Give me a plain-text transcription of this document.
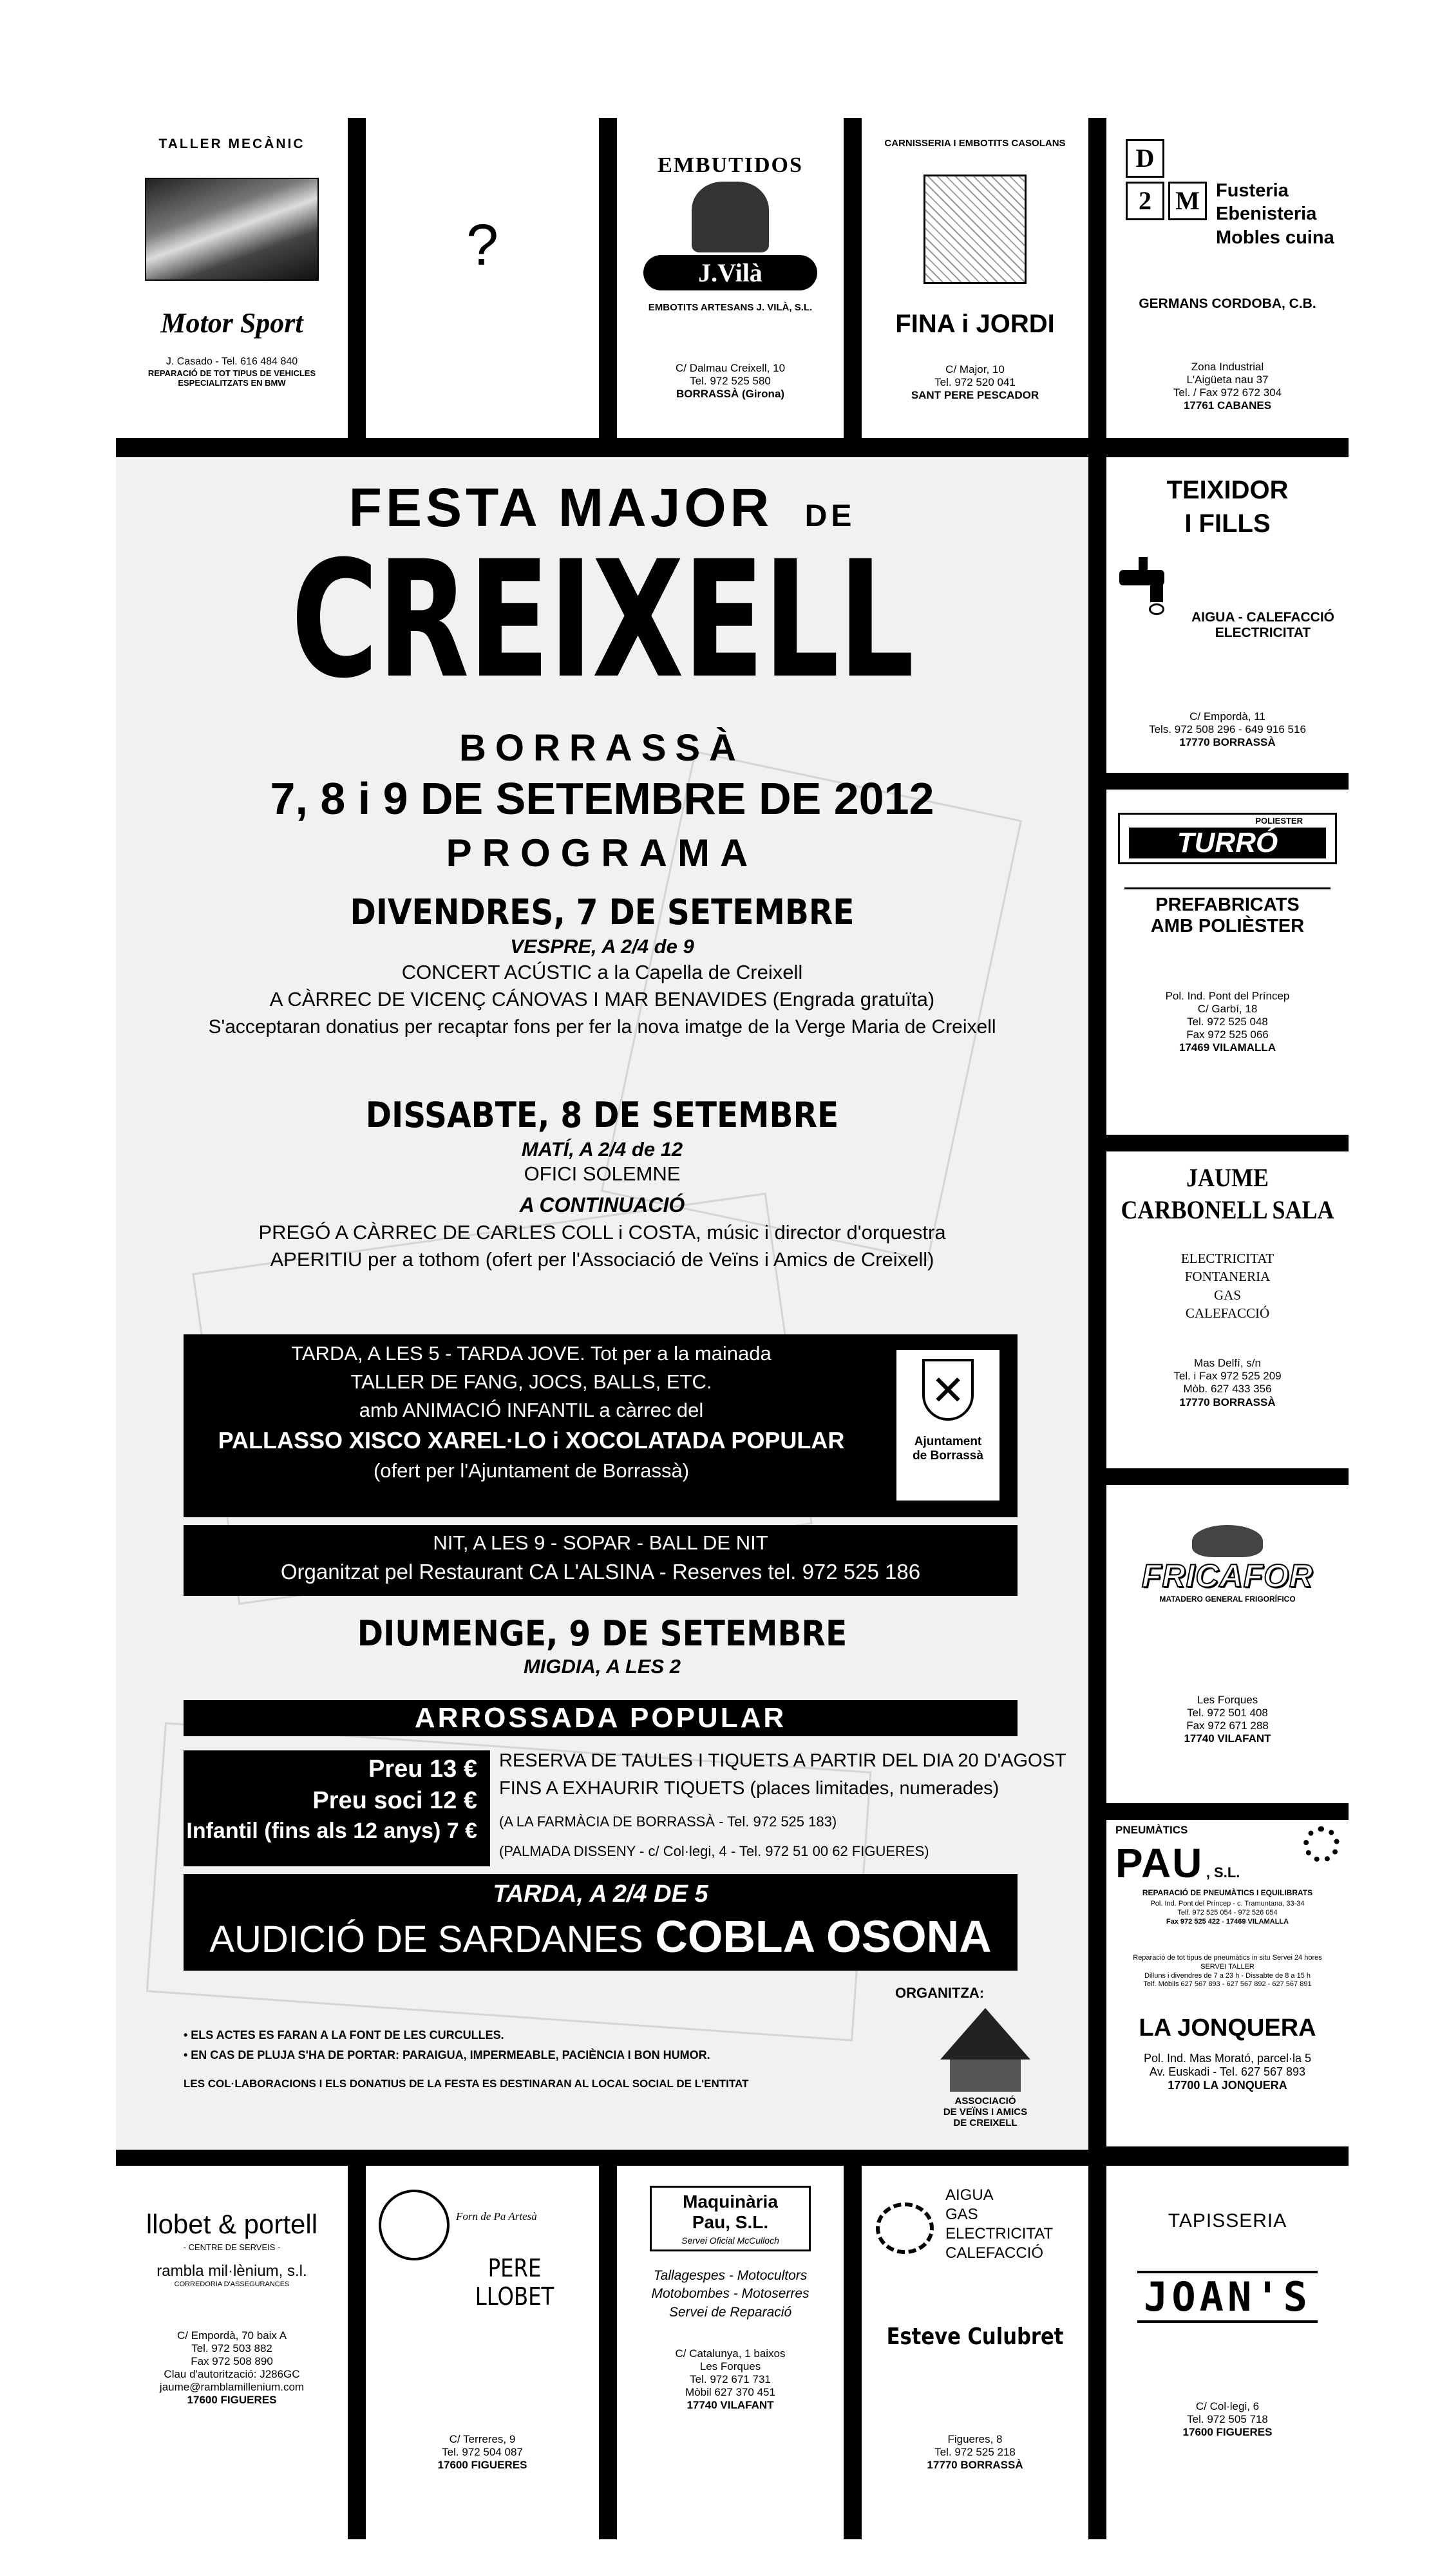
TALLER MECÀNIC
Motor Sport
J. Casado - Tel. 616 484 840
REPARACIÓ DE TOT TIPUS DE VEHICLES
ESPECIALITZATS EN BMW
?
EMBUTIDOS
J.Vilà
EMBOTITS ARTESANS J. VILÀ, S.L.
C/ Dalmau Creixell, 10
Tel. 972 525 580
BORRASSÀ (Girona)
CARNISSERIA I EMBOTITS CASOLANS
FINA i JORDI
C/ Major, 10
Tel. 972 520 041
SANT PERE PESCADOR
D
2 M Fusteria
Ebenisteria
Mobles cuina
GERMANS CORDOBA, C.B.
Zona Industrial
L'Aigüeta nau 37
Tel. / Fax 972 672 304
17761 CABANES
FESTA MAJOR DE
CREIXELL
BORRASSÀ
7, 8 i 9 DE SETEMBRE DE 2012
PROGRAMA
DIVENDRES, 7 DE SETEMBRE
VESPRE, A 2/4 de 9
CONCERT ACÚSTIC a la Capella de Creixell
A CÀRREC DE VICENÇ CÁNOVAS I MAR BENAVIDES (Engrada gratuïta)
S'acceptaran donatius per recaptar fons per fer la nova imatge de la Verge Maria de Creixell
DISSABTE, 8 DE SETEMBRE
MATÍ, A 2/4 de 12
OFICI SOLEMNE
A CONTINUACIÓ
PREGÓ A CÀRREC DE CARLES COLL i COSTA, músic i director d'orquestra
APERITIU per a tothom (ofert per l'Associació de Veïns i Amics de Creixell)
TARDA, A LES 5 - TARDA JOVE. Tot per a la mainada
TALLER DE FANG, JOCS, BALLS, ETC.
amb ANIMACIÓ INFANTIL a càrrec del
PALLASSO XISCO XAREL·LO i XOCOLATADA POPULAR
(ofert per l'Ajuntament de Borrassà)
✕
Ajuntament
de Borrassà
NIT, A LES 9 - SOPAR - BALL DE NIT
Organitzat pel Restaurant CA L'ALSINA - Reserves tel. 972 525 186
DIUMENGE, 9 DE SETEMBRE
MIGDIA, A LES 2
ARROSSADA POPULAR
Preu 13 €
Preu soci 12 €
Infantil (fins als 12 anys) 7 €
RESERVA DE TAULES I TIQUETS A PARTIR DEL DIA 20 D'AGOST
FINS A EXHAURIR TIQUETS (places limitades, numerades)
(A LA FARMÀCIA DE BORRASSÀ - Tel. 972 525 183)
(PALMADA DISSENY - c/ Col·legi, 4 - Tel. 972 51 00 62 FIGUERES)
TARDA, A 2/4 DE 5
AUDICIÓ DE SARDANES COBLA OSONA
• ELS ACTES ES FARAN A LA FONT DE LES CURCULLES.
• EN CAS DE PLUJA S'HA DE PORTAR: PARAIGUA, IMPERMEABLE, PACIÈNCIA I BON HUMOR.
LES COL·LABORACIONS I ELS DONATIUS DE LA FESTA ES DESTINARAN AL LOCAL SOCIAL DE L'ENTITAT
ORGANITZA:
ASSOCIACIÓ
DE VEÏNS I AMICS
DE CREIXELL
TEIXIDOR
I FILLS
AIGUA - CALEFACCIÓ
ELECTRICITAT
C/ Empordà, 11
Tels. 972 508 296 - 649 916 516
17770 BORRASSÀ
POLIESTER
TURRÓ
PREFABRICATS
AMB POLIÈSTER
Pol. Ind. Pont del Príncep
C/ Garbí, 18
Tel. 972 525 048
Fax 972 525 066
17469 VILAMALLA
JAUME
CARBONELL SALA
ELECTRICITAT
FONTANERIA
GAS
CALEFACCIÓ
Mas Delfí, s/n
Tel. i Fax 972 525 209
Mòb. 627 433 356
17770 BORRASSÀ
FRICAFOR
MATADERO GENERAL FRIGORÍFICO
Les Forques
Tel. 972 501 408
Fax 972 671 288
17740 VILAFANT
PNEUMÀTICS
PAU , S.L.
REPARACIÓ DE PNEUMÀTICS I EQUILIBRATS
Pol. Ind. Pont del Príncep - c. Tramuntana, 33-34
Telf. 972 525 054 - 972 526 054
Fax 972 525 422 - 17469 VILAMALLA
Reparació de tot tipus de pneumàtics in situ Servei 24 hores
SERVEI TALLER
Dilluns i divendres de 7 a 23 h - Dissabte de 8 a 15 h
Telf. Mòbils 627 567 893 - 627 567 892 - 627 567 891
LA JONQUERA
Pol. Ind. Mas Morató, parcel·la 5
Av. Euskadi - Tel. 627 567 893
17700 LA JONQUERA
llobet & portell
- CENTRE DE SERVEIS -
rambla mil·lènium, s.l.
CORREDORIA D'ASSEGURANCES
C/ Empordà, 70 baix A
Tel. 972 503 882
Fax 972 508 890
Clau d'autorització: J286GC
jaume@ramblamillenium.com
17600 FIGUERES
Forn de Pa Artesà
PERE LLOBET
C/ Terreres, 9
Tel. 972 504 087
17600 FIGUERES
Maquinària
Pau, S.L.
Servei Oficial McCulloch
Tallagespes - Motocultors
Motobombes - Motoserres
Servei de Reparació
C/ Catalunya, 1 baixos
Les Forques
Tel. 972 671 731
Mòbil 627 370 451
17740 VILAFANT
AIGUA
GAS
ELECTRICITAT
CALEFACCIÓ
Esteve Culubret
Figueres, 8
Tel. 972 525 218
17770 BORRASSÀ
TAPISSERIA
JOAN'S
C/ Col·legi, 6
Tel. 972 505 718
17600 FIGUERES
